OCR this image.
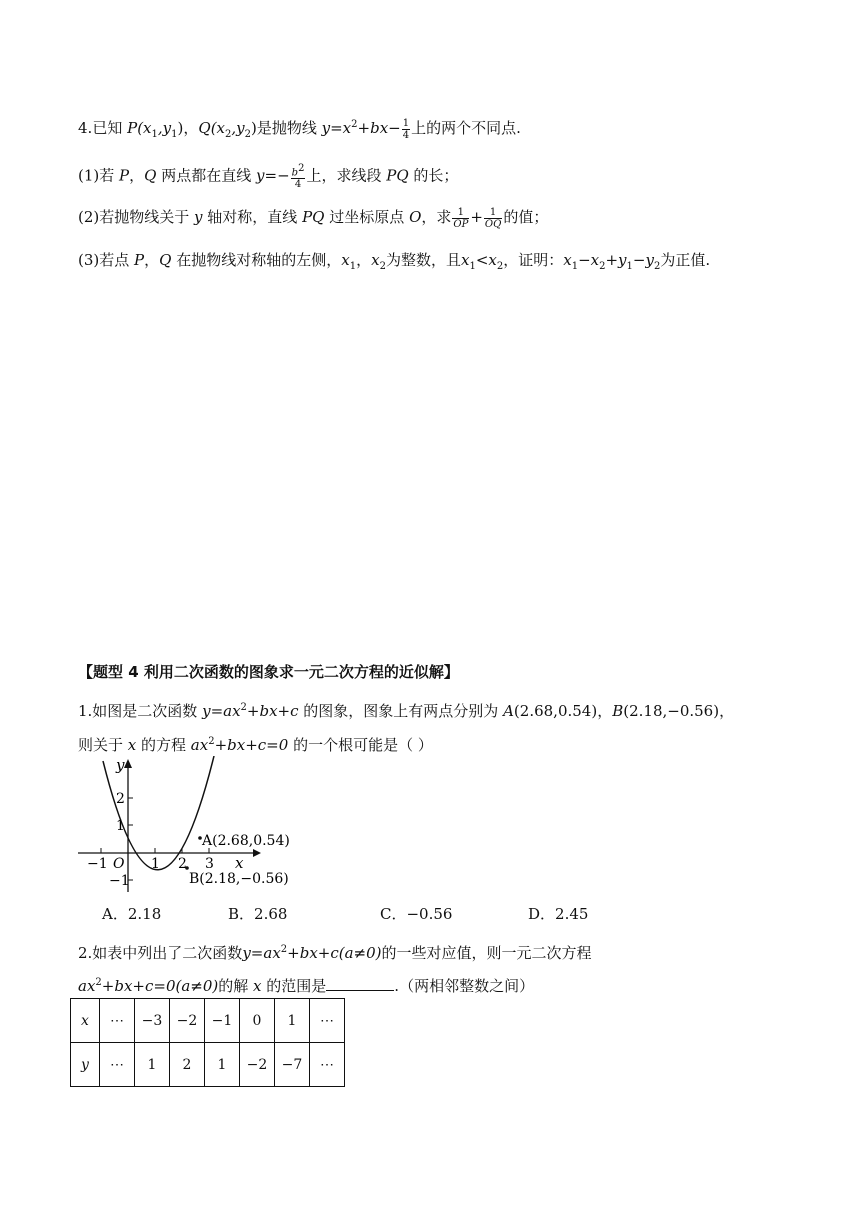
4.已知 $P(x_1,y_1)$，$Q(x_2,y_2)$是抛物线 $y=x^2+bx- \frac{1}{4}$ 上的两个不同点.
(1)若 P，Q 两点都在直线 $y=- \frac{b^2}{4}$ 上，求线段 PQ 的长；
(2)若抛物线关于 y 轴对称，直线 PQ 过坐标原点 O，求 $\frac{1}{OP} + \frac{1}{OQ}$ 的值；
(3)若点 P，Q 在抛物线对称轴的左侧，$x_1$，$x_2$为整数，且$x_1<x_2$，证明：$x_1-x_2+y_1-y_2$为正值.
【题型 4 利用二次函数的图象求一元二次方程的近似解】
1.如图是二次函数 $y=ax^2+bx+c$ 的图象，图象上有两点分别为 A(2.68,0.54)，B(2.18,−0.56)，
则关于 x 的方程 $ax^2+bx+c=0$ 的一个根可能是（ ）
y
x
−1	1 2 3
2
1
−1
O
A(2.68,0.54)
B(2.18,−0.56)
A．2.18	B．2.68	C．−0.56	D．2.45
2.如表中列出了二次函数$y=ax^2+bx+c(a\ne 0)$的一些对应值，则一元二次方程
$ax^2+bx+c=0(a\ne 0)$的解 x 的范围是	.（两相邻整数之间）
x	⋯	−3	−2	−1	0	1	⋯
y	⋯	1	2	1	−2	−7	⋯
